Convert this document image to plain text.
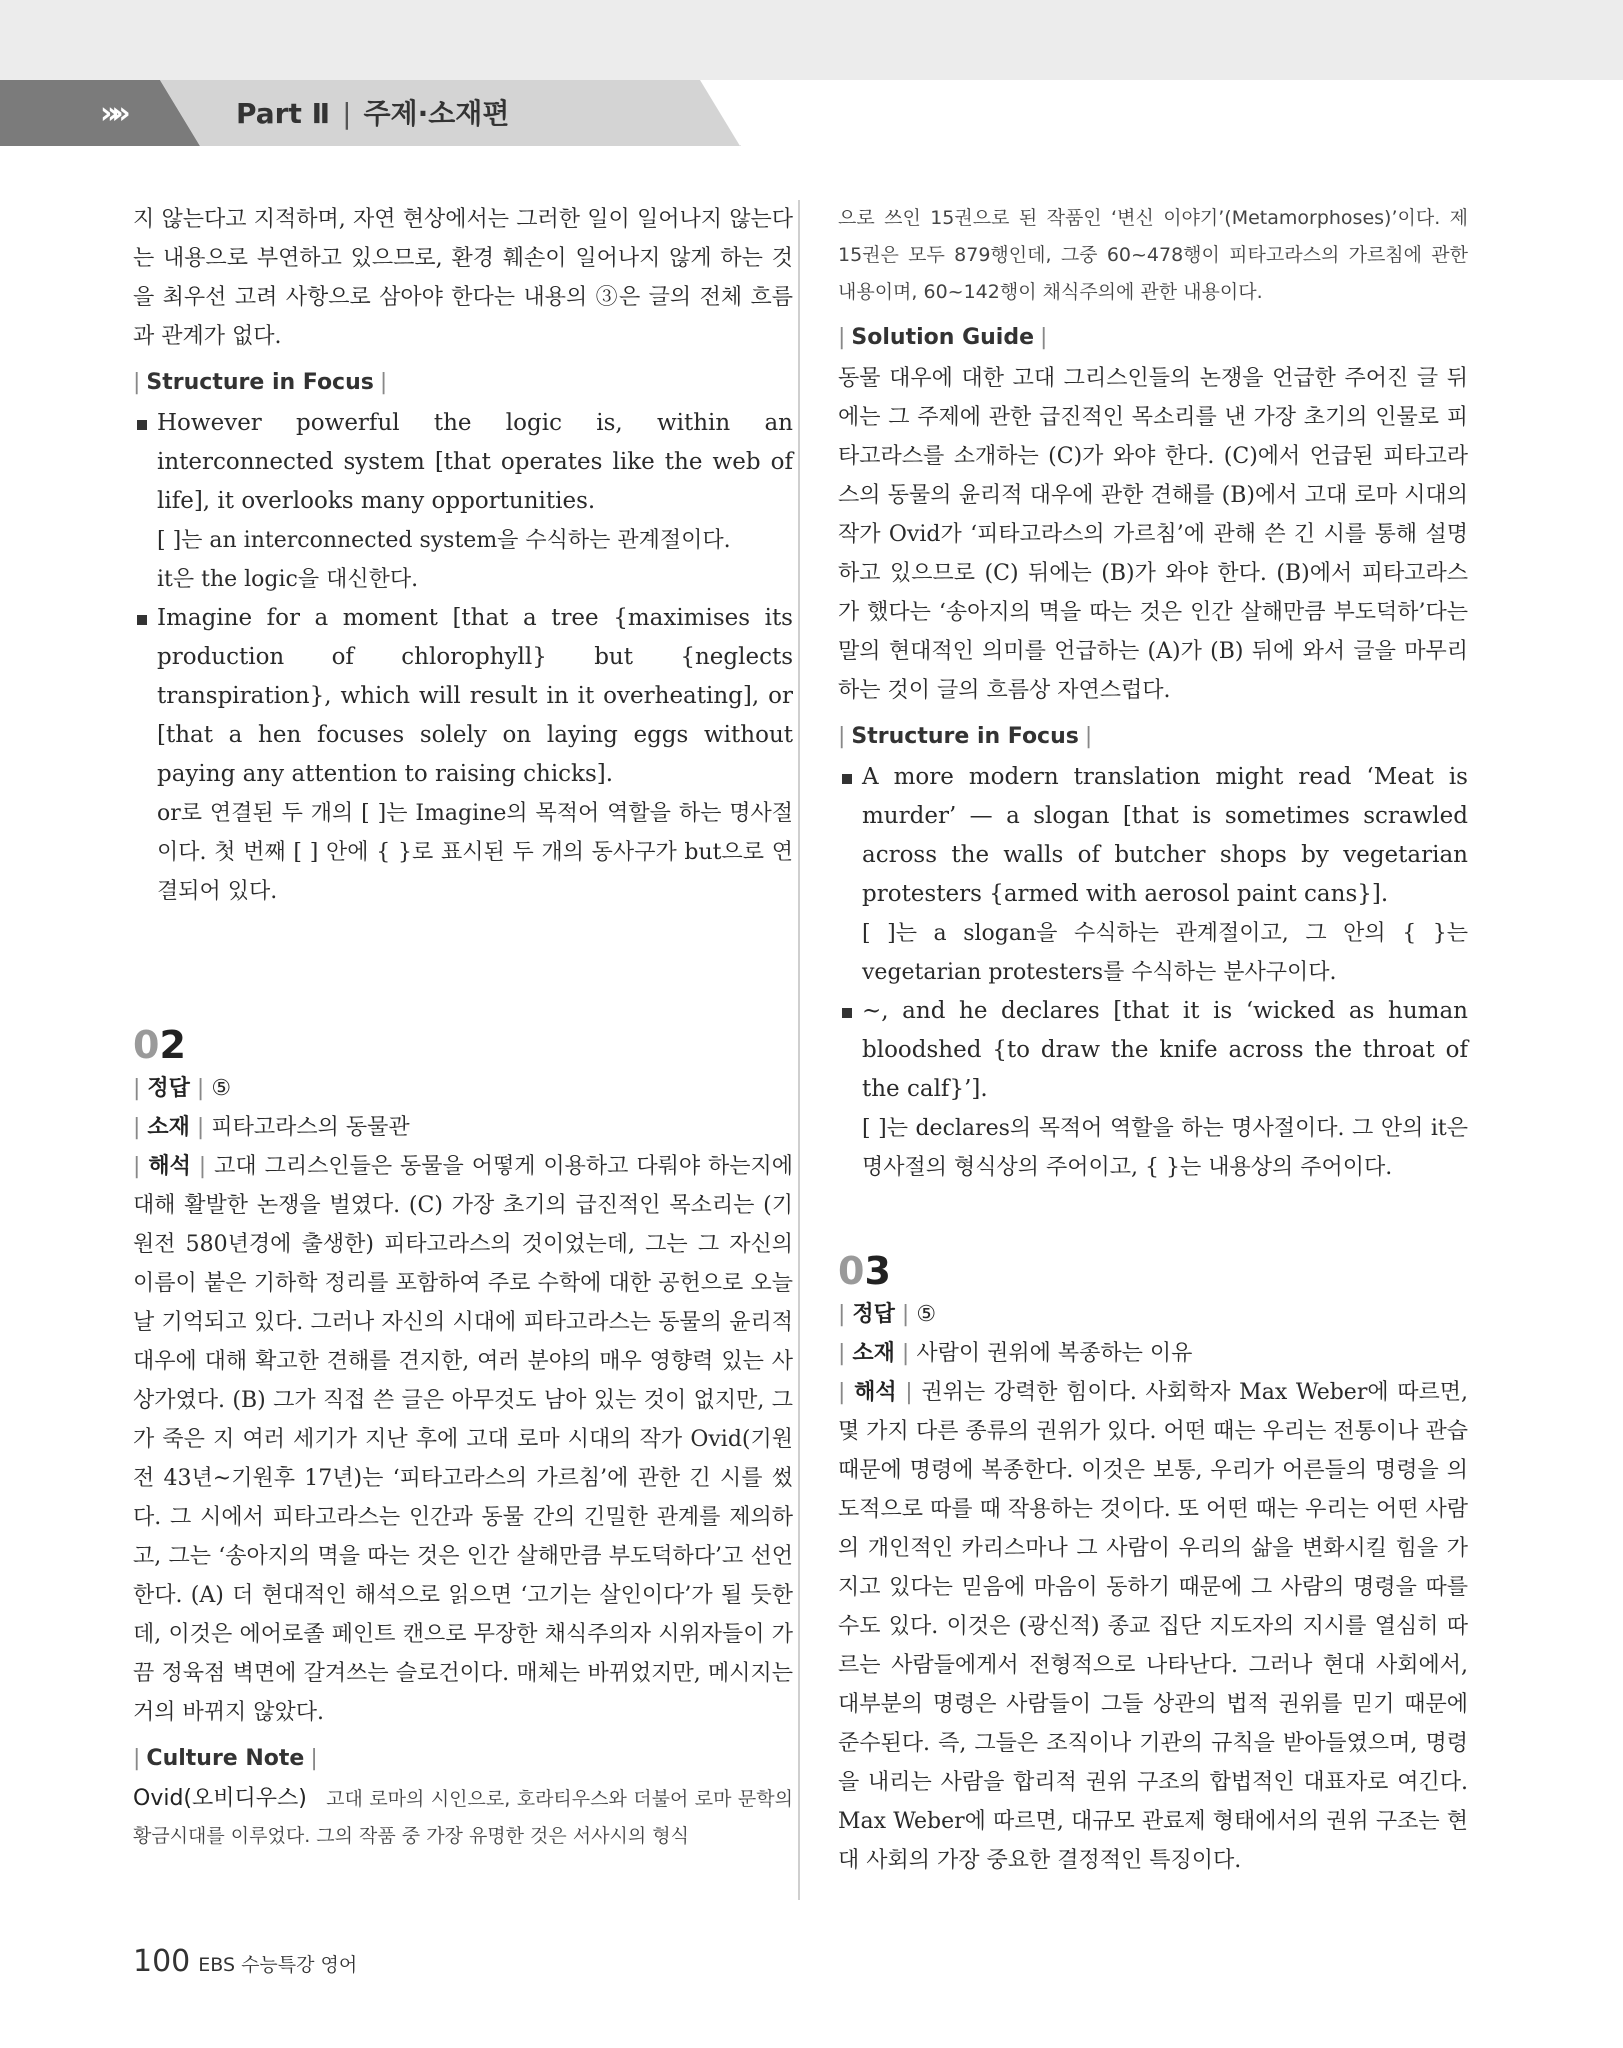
»»	Part Ⅱ | 주제·소재편

지 않는다고 지적하며, 자연 현상에서는 그러한 일이 일어나지 않는다는 내용으로 부연하고 있으므로, 환경 훼손이 일어나지 않게 하는 것을 최우선 고려 사항으로 삼아야 한다는 내용의 ③은 글의 전체 흐름과 관계가 없다.

| Structure in Focus |
However powerful the logic is, within an interconnected system [that operates like the web of life], it overlooks many opportunities.
[ ]는 an interconnected system을 수식하는 관계절이다.
it은 the logic을 대신한다.
Imagine for a moment [that a tree {maximises its production of chlorophyll} but {neglects transpiration}, which will result in it overheating], or [that a hen focuses solely on laying eggs without paying any attention to raising chicks].
or로 연결된 두 개의 [ ]는 Imagine의 목적어 역할을 하는 명사절이다. 첫 번째 [ ] 안에 { }로 표시된 두 개의 동사구가 but으로 연결되어 있다.
02
| 정답 | ⑤
| 소재 | 피타고라스의 동물관
| 해석 | 고대 그리스인들은 동물을 어떻게 이용하고 다뤄야 하는지에 대해 활발한 논쟁을 벌였다. (C) 가장 초기의 급진적인 목소리는 (기원전 580년경에 출생한) 피타고라스의 것이었는데, 그는 그 자신의 이름이 붙은 기하학 정리를 포함하여 주로 수학에 대한 공헌으로 오늘날 기억되고 있다. 그러나 자신의 시대에 피타고라스는 동물의 윤리적 대우에 대해 확고한 견해를 견지한, 여러 분야의 매우 영향력 있는 사상가였다. (B) 그가 직접 쓴 글은 아무것도 남아 있는 것이 없지만, 그가 죽은 지 여러 세기가 지난 후에 고대 로마 시대의 작가 Ovid(기원전 43년~기원후 17년)는 ‘피타고라스의 가르침’에 관한 긴 시를 썼다. 그 시에서 피타고라스는 인간과 동물 간의 긴밀한 관계를 제의하고, 그는 ‘송아지의 멱을 따는 것은 인간 살해만큼 부도덕하다’고 선언한다. (A) 더 현대적인 해석으로 읽으면 ‘고기는 살인이다’가 될 듯한데, 이것은 에어로졸 페인트 캔으로 무장한 채식주의자 시위자들이 가끔 정육점 벽면에 갈겨쓰는 슬로건이다. 매체는 바뀌었지만, 메시지는 거의 바뀌지 않았다.
| Culture Note |

Ovid(오비디우스) 고대 로마의 시인으로, 호라티우스와 더불어 로마 문학의 황금시대를 이루었다. 그의 작품 중 가장 유명한 것은 서사시의 형식

으로 쓰인 15권으로 된 작품인 ‘변신 이야기’(Metamorphoses)’이다. 제15권은 모두 879행인데, 그중 60~478행이 피타고라스의 가르침에 관한 내용이며, 60~142행이 채식주의에 관한 내용이다.

| Solution Guide |

동물 대우에 대한 고대 그리스인들의 논쟁을 언급한 주어진 글 뒤에는 그 주제에 관한 급진적인 목소리를 낸 가장 초기의 인물로 피타고라스를 소개하는 (C)가 와야 한다. (C)에서 언급된 피타고라스의 동물의 윤리적 대우에 관한 견해를 (B)에서 고대 로마 시대의 작가 Ovid가 ‘피타고라스의 가르침’에 관해 쓴 긴 시를 통해 설명하고 있으므로 (C) 뒤에는 (B)가 와야 한다. (B)에서 피타고라스가 했다는 ‘송아지의 멱을 따는 것은 인간 살해만큼 부도덕하’다는 말의 현대적인 의미를 언급하는 (A)가 (B) 뒤에 와서 글을 마무리하는 것이 글의 흐름상 자연스럽다.

| Structure in Focus |
A more modern translation might read ‘Meat is murder’ — a slogan [that is sometimes scrawled across the walls of butcher shops by vegetarian protesters {armed with aerosol paint cans}].
[ ]는 a slogan을 수식하는 관계절이고, 그 안의 { }는 vegetarian protesters를 수식하는 분사구이다.
~, and he declares [that it is ‘wicked as human bloodshed {to draw the knife across the throat of the calf}’].
[ ]는 declares의 목적어 역할을 하는 명사절이다. 그 안의 it은 명사절의 형식상의 주어이고, { }는 내용상의 주어이다.
03
| 정답 | ⑤
| 소재 | 사람이 권위에 복종하는 이유
| 해석 | 권위는 강력한 힘이다. 사회학자 Max Weber에 따르면, 몇 가지 다른 종류의 권위가 있다. 어떤 때는 우리는 전통이나 관습 때문에 명령에 복종한다. 이것은 보통, 우리가 어른들의 명령을 의도적으로 따를 때 작용하는 것이다. 또 어떤 때는 우리는 어떤 사람의 개인적인 카리스마나 그 사람이 우리의 삶을 변화시킬 힘을 가지고 있다는 믿음에 마음이 동하기 때문에 그 사람의 명령을 따를 수도 있다. 이것은 (광신적) 종교 집단 지도자의 지시를 열심히 따르는 사람들에게서 전형적으로 나타난다. 그러나 현대 사회에서, 대부분의 명령은 사람들이 그들 상관의 법적 권위를 믿기 때문에 준수된다. 즉, 그들은 조직이나 기관의 규칙을 받아들였으며, 명령을 내리는 사람을 합리적 권위 구조의 합법적인 대표자로 여긴다. Max Weber에 따르면, 대규모 관료제 형태에서의 권위 구조는 현대 사회의 가장 중요한 결정적인 특징이다.
100 EBS 수능특강 영어
